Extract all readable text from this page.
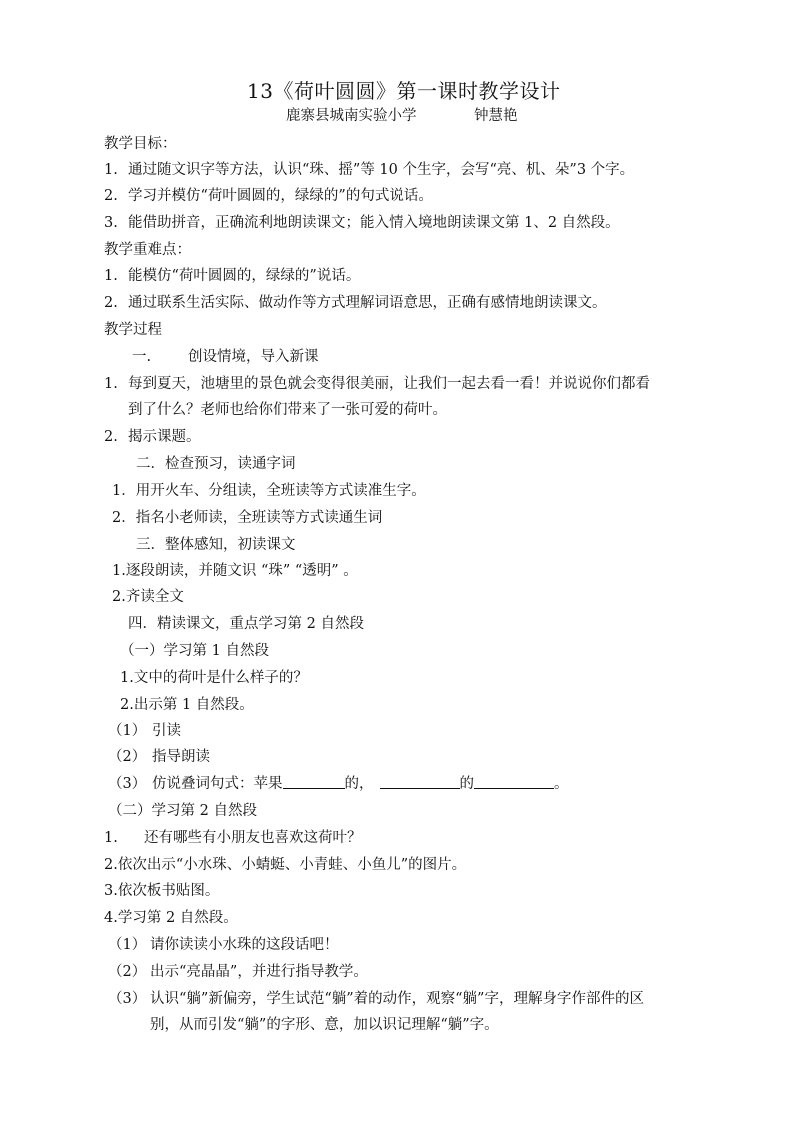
13《荷叶圆圆》第一课时教学设计
鹿寨县城南实验小学	钟慧艳
教学目标：
1. 通过随文识字等方法，认识“珠、摇”等 10 个生字，会写“亮、机、朵”3 个字。
2. 学习并模仿“荷叶圆圆的，绿绿的”的句式说话。
3. 能借助拼音，正确流利地朗读课文；能入情入境地朗读课文第 1、2 自然段。
教学重难点：
1. 能模仿“荷叶圆圆的，绿绿的”说话。
2. 通过联系生活实际、做动作等方式理解词语意思，正确有感情地朗读课文。
教学过程
一.	创设情境，导入新课
1. 每到夏天，池塘里的景色就会变得很美丽，让我们一起去看一看！并说说你们都看
到了什么？老师也给你们带来了一张可爱的荷叶。
2. 揭示课题。
二．检查预习，读通字词
1．用开火车、分组读，全班读等方式读准生字。
2．指名小老师读，全班读等方式读通生词
三．整体感知，初读课文
1.逐段朗读，并随文识 “珠” “透明” 。
2.齐读全文
四．精读课文，重点学习第 2 自然段
（一）学习第 1 自然段
1.文中的荷叶是什么样子的？
2.出示第 1 自然段。
（1） 引读
（2） 指导朗读
（3） 仿说叠词句式：苹果	的，	的	。
（二）学习第 2 自然段
1. 还有哪些有小朋友也喜欢这荷叶？
2.依次出示“小水珠、小蜻蜓、小青蛙、小鱼儿”的图片。
3.依次板书贴图。
4.学习第 2 自然段。
（1） 请你读读小水珠的这段话吧！
（2） 出示“亮晶晶”，并进行指导教学。
（3） 认识“躺”新偏旁，学生试范“躺”着的动作，观察“躺”字，理解身字作部件的区
别，从而引发“躺”的字形、意，加以识记理解“躺”字。
